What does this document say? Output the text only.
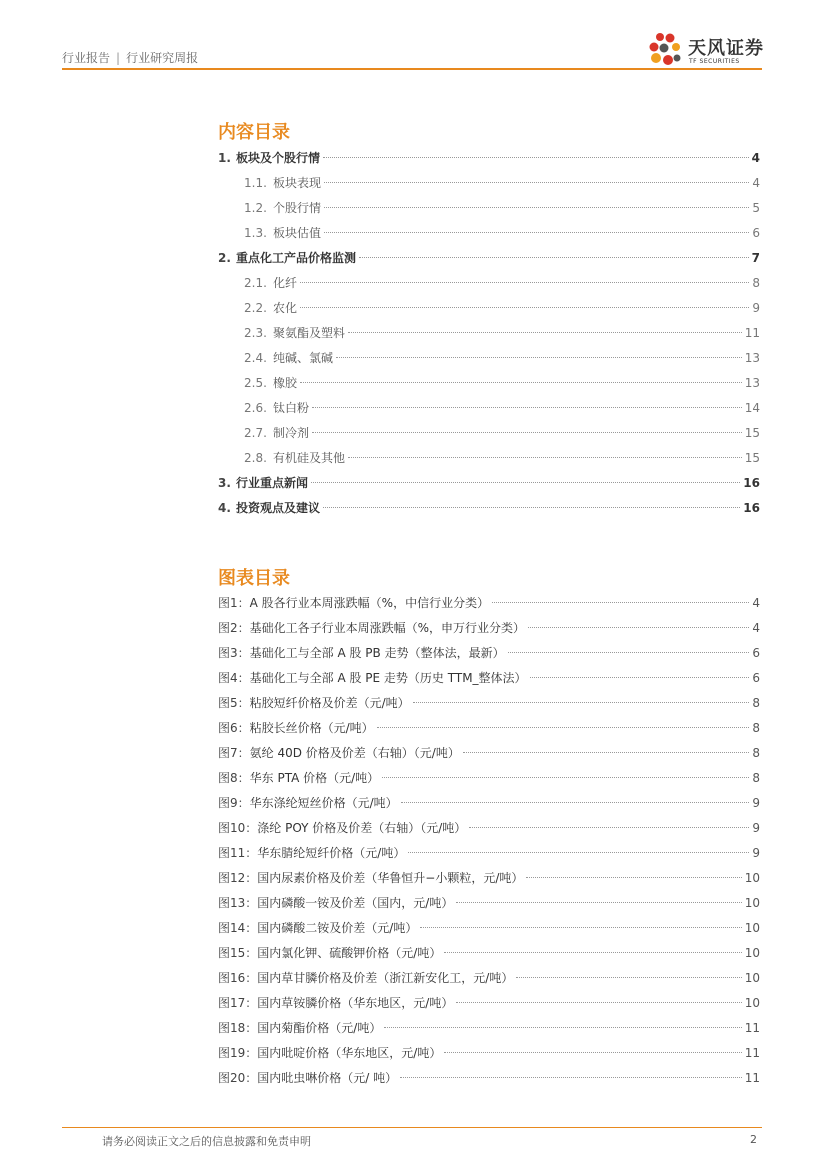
行业报告 | 行业研究周报	天风证券
TF SECURITIES
内容目录
1. 板块及个股行情	4
1.1. 板块表现	4
1.2. 个股行情	5
1.3. 板块估值	6
2. 重点化工产品价格监测	7
2.1. 化纤	8
2.2. 农化	9
2.3. 聚氨酯及塑料	11
2.4. 纯碱、氯碱	13
2.5. 橡胶	13
2.6. 钛白粉	14
2.7. 制冷剂	15
2.8. 有机硅及其他	15
3. 行业重点新闻	16
4. 投资观点及建议	16
图表目录
图1： A 股各行业本周涨跌幅（%，中信行业分类）	4
图2： 基础化工各子行业本周涨跌幅（%，申万行业分类）	4
图3： 基础化工与全部 A 股 PB 走势（整体法，最新）	6
图4： 基础化工与全部 A 股 PE 走势（历史 TTM_整体法）	6
图5： 粘胶短纤价格及价差（元/吨）	8
图6： 粘胶长丝价格（元/吨）	8
图7： 氨纶 40D 价格及价差（右轴）（元/吨）	8
图8： 华东 PTA 价格（元/吨）	8
图9： 华东涤纶短丝价格（元/吨）	9
图10： 涤纶 POY 价格及价差（右轴）（元/吨）	9
图11： 华东腈纶短纤价格（元/吨）	9
图12： 国内尿素价格及价差（华鲁恒升−小颗粒，元/吨）	10
图13： 国内磷酸一铵及价差（国内，元/吨）	10
图14： 国内磷酸二铵及价差（元/吨）	10
图15： 国内氯化钾、硫酸钾价格（元/吨）	10
图16： 国内草甘膦价格及价差（浙江新安化工，元/吨）	10
图17： 国内草铵膦价格（华东地区，元/吨）	10
图18： 国内菊酯价格（元/吨）	11
图19： 国内吡啶价格（华东地区，元/吨）	11
图20： 国内吡虫啉价格（元/ 吨）	11
请务必阅读正文之后的信息披露和免责申明	2
